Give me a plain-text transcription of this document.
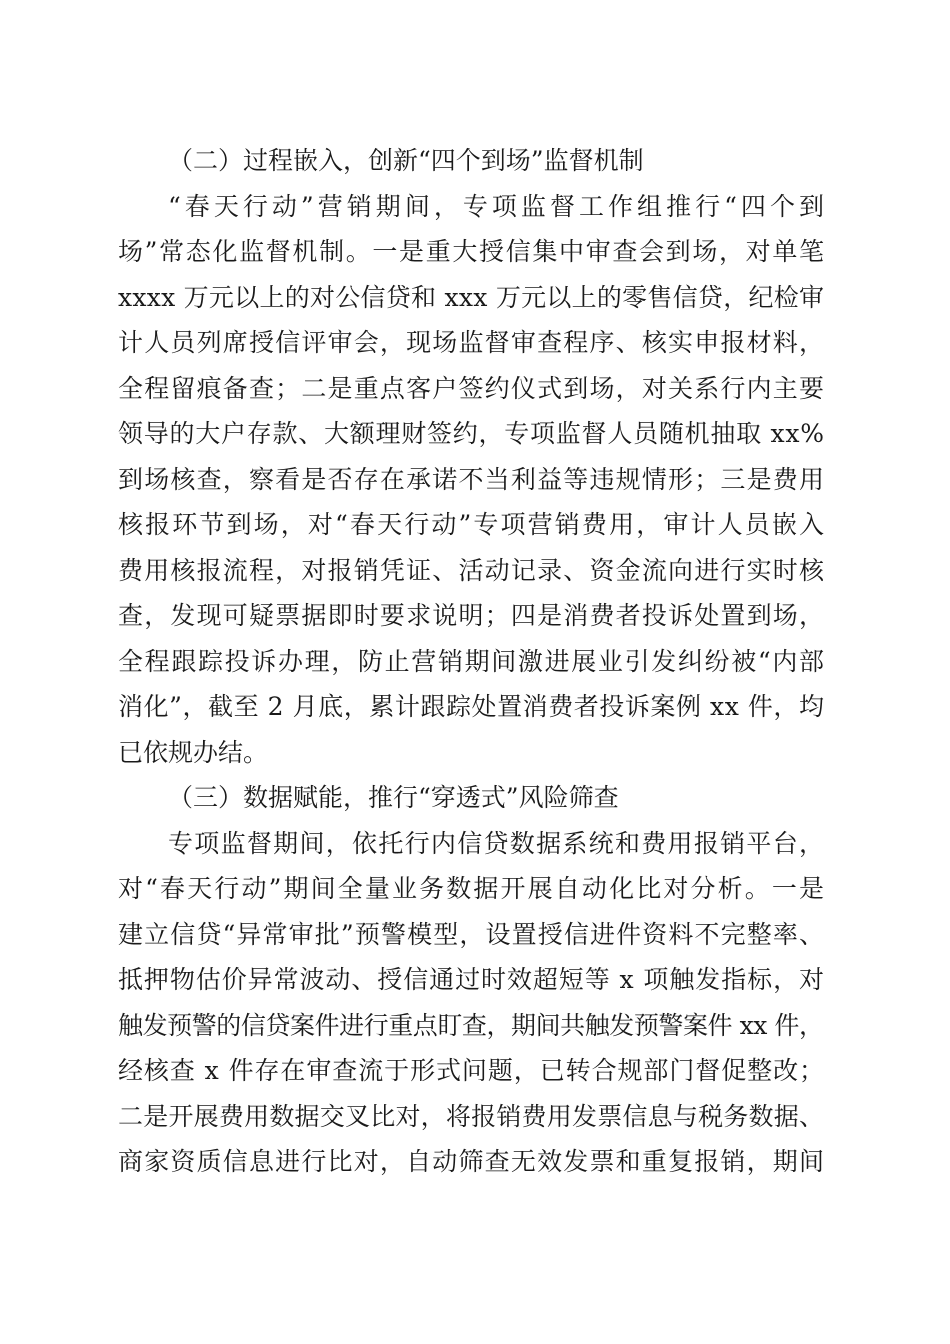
（二）过程嵌入，创新“四个到场”监督机制
“春天行动”营销期间，专项监督工作组推行“四个到
场”常态化监督机制。一是重大授信集中审查会到场，对单笔
xxxx 万元以上的对公信贷和 xxx 万元以上的零售信贷，纪检审
计人员列席授信评审会，现场监督审查程序、核实申报材料，
全程留痕备查；二是重点客户签约仪式到场，对关系行内主要
领导的大户存款、大额理财签约，专项监督人员随机抽取 xx%
到场核查，察看是否存在承诺不当利益等违规情形；三是费用
核报环节到场，对“春天行动”专项营销费用，审计人员嵌入
费用核报流程，对报销凭证、活动记录、资金流向进行实时核
查，发现可疑票据即时要求说明；四是消费者投诉处置到场，
全程跟踪投诉办理，防止营销期间激进展业引发纠纷被“内部
消化”，截至 2 月底，累计跟踪处置消费者投诉案例 xx 件，均
已依规办结。
（三）数据赋能，推行“穿透式”风险筛查
专项监督期间，依托行内信贷数据系统和费用报销平台，
对“春天行动”期间全量业务数据开展自动化比对分析。一是
建立信贷“异常审批”预警模型，设置授信进件资料不完整率、
抵押物估价异常波动、授信通过时效超短等 x 项触发指标，对
触发预警的信贷案件进行重点盯查，期间共触发预警案件 xx 件，
经核查 x 件存在审查流于形式问题，已转合规部门督促整改；
二是开展费用数据交叉比对，将报销费用发票信息与税务数据、
商家资质信息进行比对，自动筛查无效发票和重复报销，期间
